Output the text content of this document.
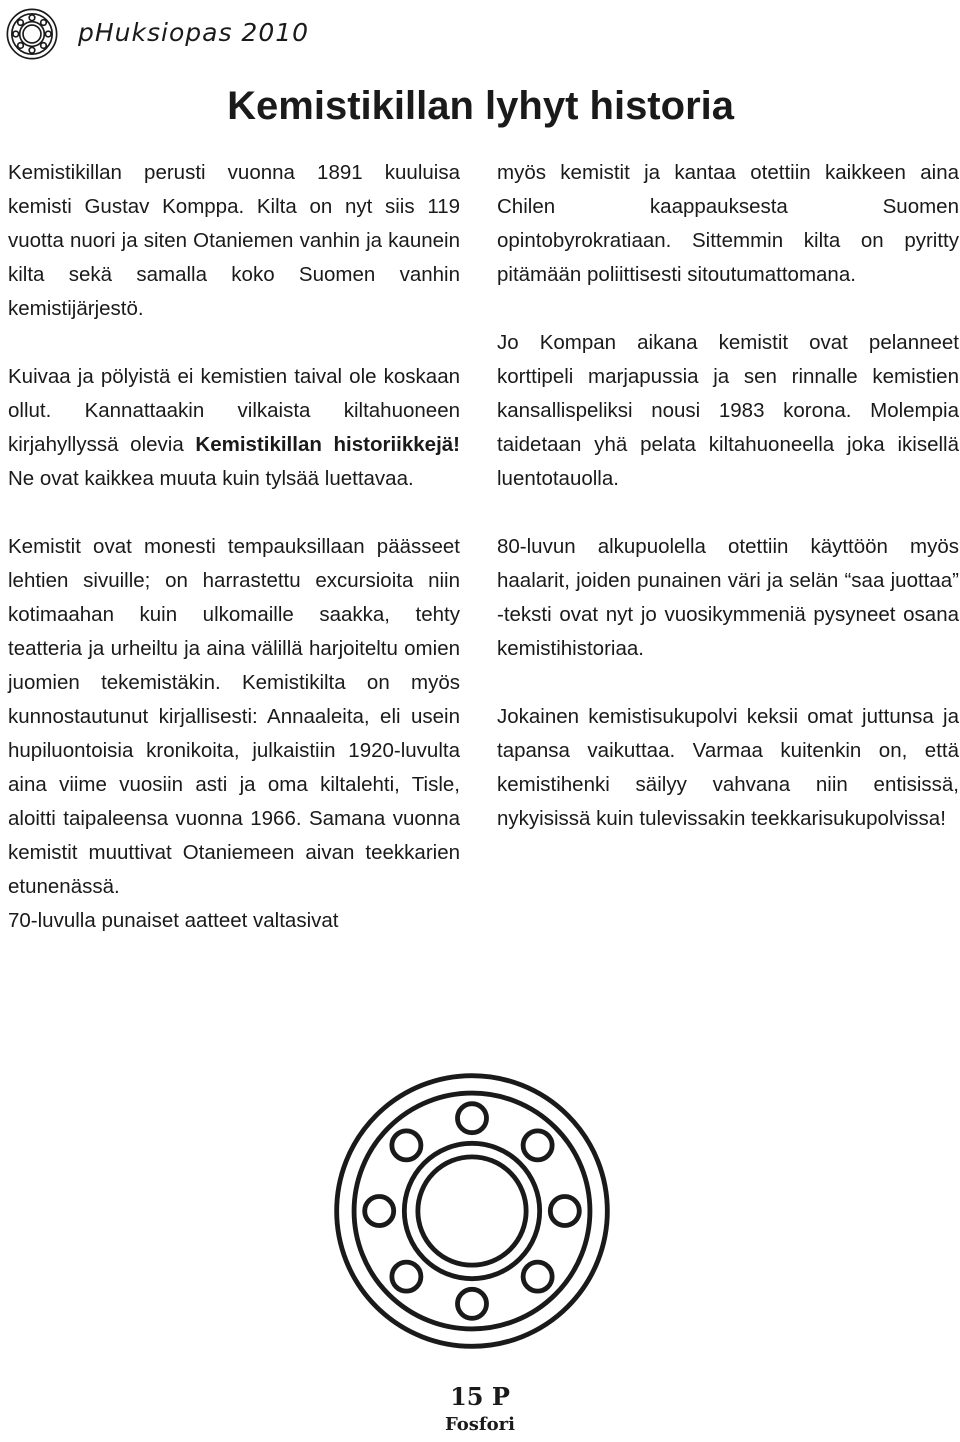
pHuksiopas 2010
Kemistikillan lyhyt historia

Kemistikillan perusti vuonna 1891 kuuluisa kemisti Gustav Komppa. Kilta on nyt siis 119 vuotta nuori ja siten Otaniemen vanhin ja kaunein kilta sekä samalla koko Suomen vanhin kemistijärjestö.

Kuivaa ja pölyistä ei kemistien taival ole koskaan ollut. Kannattaakin vilkaista kiltahuoneen kirjahyllyssä olevia Kemistikillan historiikkejä! Ne ovat kaikkea muuta kuin tylsää luettavaa.

Kemistit ovat monesti tempauksillaan päässeet lehtien sivuille; on harrastettu excursioita niin kotimaahan kuin ulkomaille saakka, tehty teatteria ja urheiltu ja aina välillä harjoiteltu omien juomien tekemistäkin. Kemistikilta on myös kunnostautunut kirjallisesti: Annaaleita, eli usein hupiluontoisia kronikoita, julkaistiin 1920-luvulta aina viime vuosiin asti ja oma kiltalehti, Tisle, aloitti taipaleensa vuonna 1966. Samana vuonna kemistit muuttivat Otaniemeen aivan teekkarien etunenässä.

70-luvulla punaiset aatteet valtasivat

myös kemistit ja kantaa otettiin kaikkeen aina Chilen kaappauksesta Suomen opintobyrokratiaan. Sittemmin kilta on pyritty pitämään poliittisesti sitoutumattomana.

Jo Kompan aikana kemistit ovat pelanneet korttipeli marjapussia ja sen rinnalle kemistien kansallispeliksi nousi 1983 korona. Molempia taidetaan yhä pelata kiltahuoneella joka ikisellä luentotauolla.

80-luvun alkupuolella otettiin käyttöön myös haalarit, joiden punainen väri ja selän “saa juottaa” -teksti ovat nyt jo vuosikymmeniä pysyneet osana kemistihistoriaa.

Jokainen kemistisukupolvi keksii omat juttunsa ja tapansa vaikuttaa. Varmaa kuitenkin on, että kemistihenki säilyy vahvana niin entisissä, nykyisissä kuin tulevissakin teekkarisukupolvissa!

15 P
Fosfori
